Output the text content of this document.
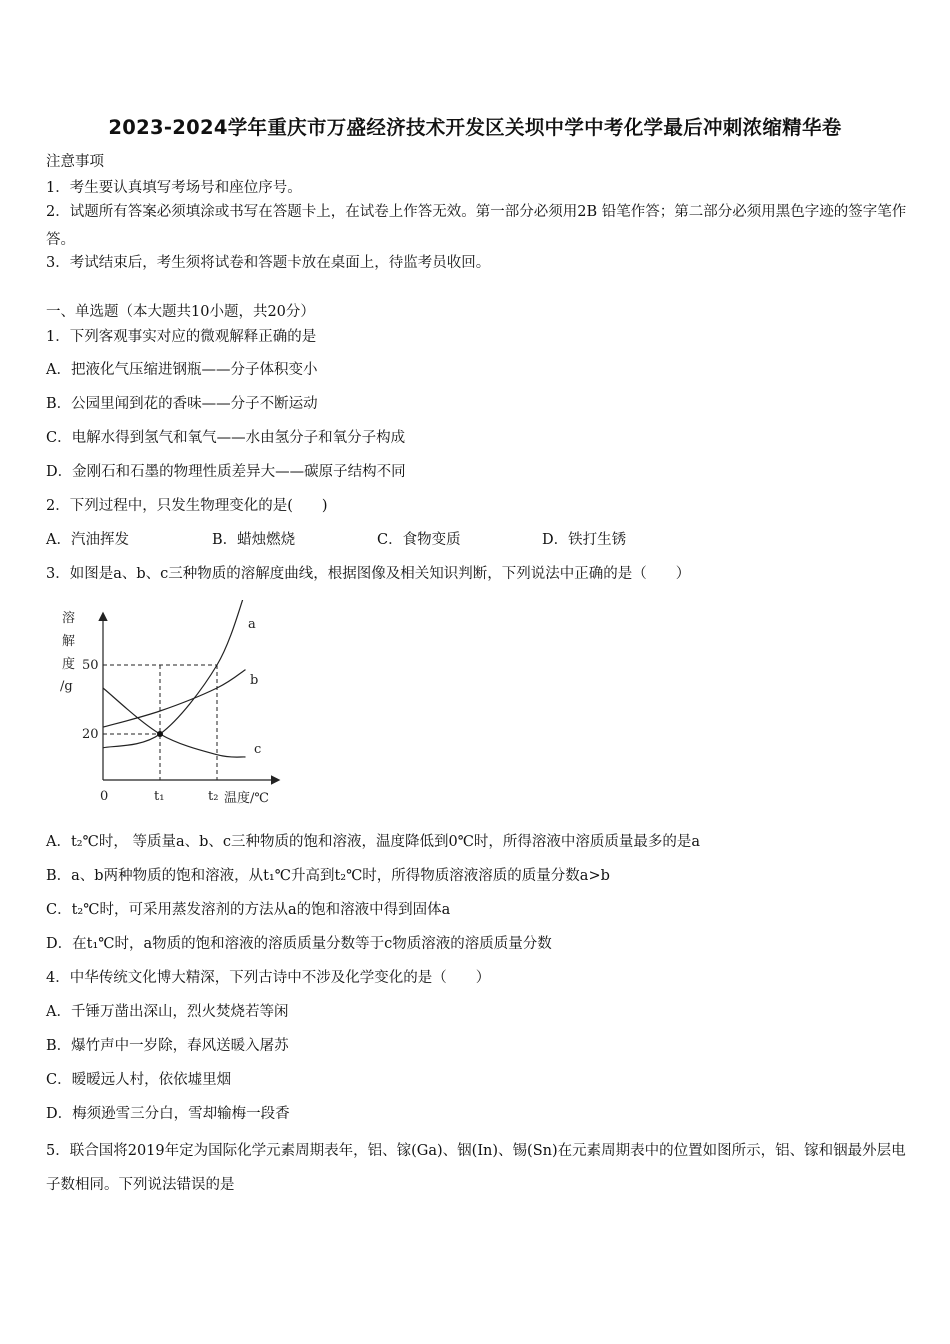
2023-2024学年重庆市万盛经济技术开发区关坝中学中考化学最后冲刺浓缩精华卷
注意事项
1．考生要认真填写考场号和座位序号。
2．试题所有答案必须填涂或书写在答题卡上，在试卷上作答无效。第一部分必须用2B 铅笔作答；第二部分必须用黑色字迹的签字笔作答。
3．考试结束后，考生须将试卷和答题卡放在桌面上，待监考员收回。
一、单选题（本大题共10小题，共20分）
1．下列客观事实对应的微观解释正确的是
A．把液化气压缩进钢瓶——分子体积变小
B．公园里闻到花的香味——分子不断运动
C．电解水得到氢气和氧气——水由氢分子和氧分子构成
D．金刚石和石墨的物理性质差异大——碳原子结构不同
2．下列过程中，只发生物理变化的是(　　)
A．汽油挥发	B．蜡烛燃烧	C．食物变质	D．铁打生锈
3．如图是a、b、c三种物质的溶解度曲线，根据图像及相关知识判断，下列说法中正确的是（　　）
溶
解
度
/g
50
20
0	t₁	t₂ 温度/℃
a
b
c
A．t₂℃时， 等质量a、b、c三种物质的饱和溶液，温度降低到0℃时，所得溶液中溶质质量最多的是a
B．a、b两种物质的饱和溶液，从t₁℃升高到t₂℃时，所得物质溶液溶质的质量分数a>b
C．t₂℃时，可采用蒸发溶剂的方法从a的饱和溶液中得到固体a
D．在t₁℃时，a物质的饱和溶液的溶质质量分数等于c物质溶液的溶质质量分数
4．中华传统文化博大精深，下列古诗中不涉及化学变化的是（　　）
A．千锤万凿出深山，烈火焚烧若等闲
B．爆竹声中一岁除，春风送暖入屠苏
C．暧暧远人村，依依墟里烟
D．梅须逊雪三分白，雪却输梅一段香
5．联合国将2019年定为国际化学元素周期表年，铝、镓(Ga)、铟(In)、锡(Sn)在元素周期表中的位置如图所示，铝、镓和铟最外层电子数相同。下列说法错误的是
